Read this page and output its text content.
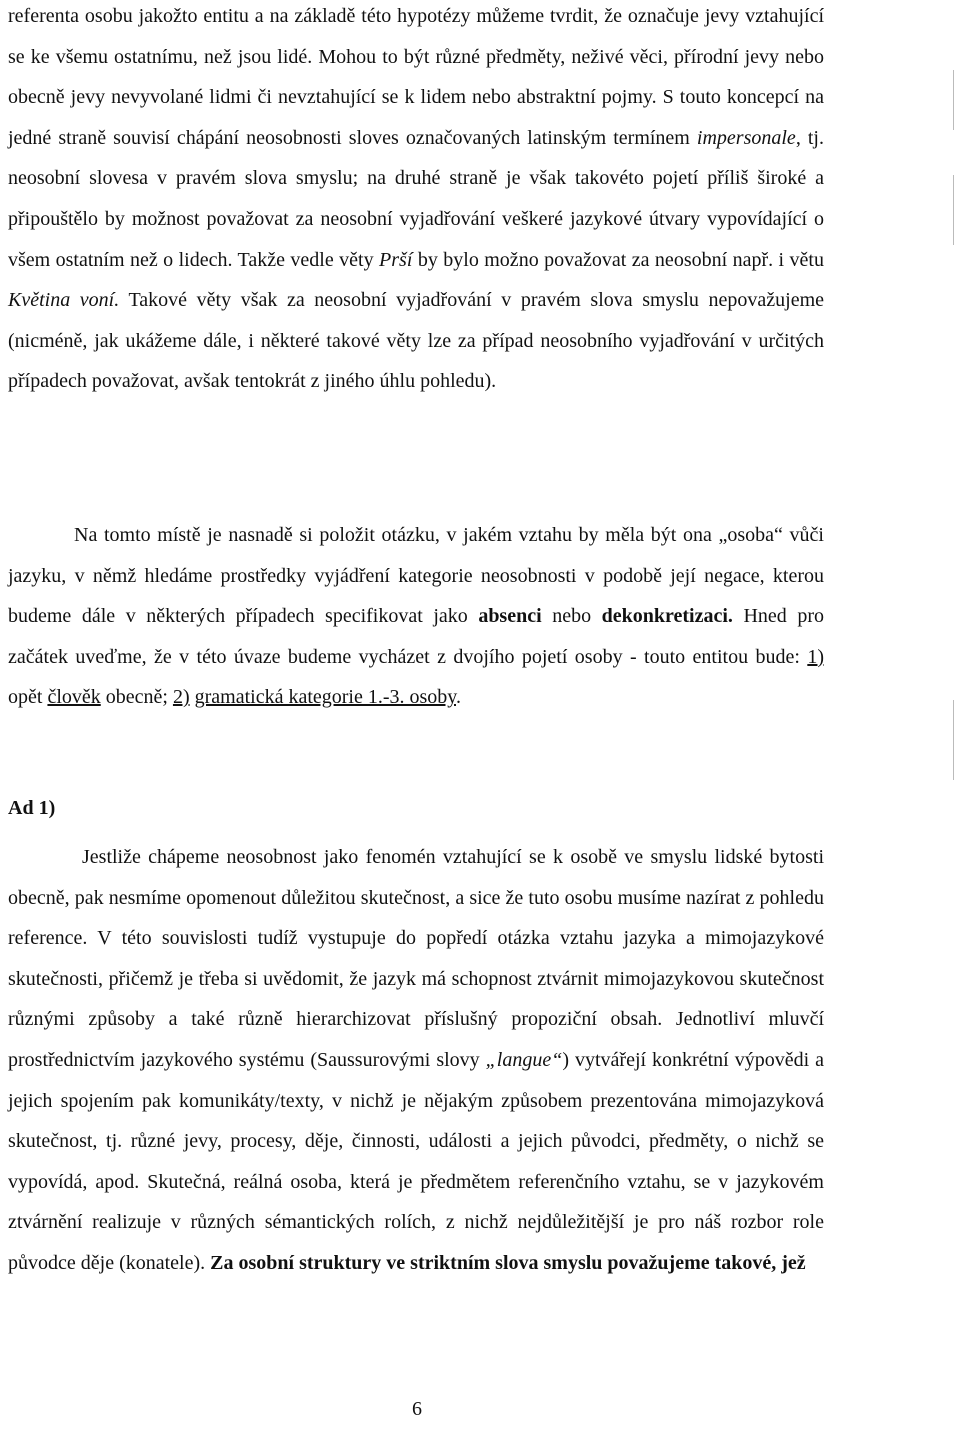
referenta osobu jakožto entitu a na základě této hypotézy můžeme tvrdit, že označuje jevy vztahující se ke všemu ostatnímu, než jsou lidé. Mohou to být různé předměty, neživé věci, přírodní jevy nebo obecně jevy nevyvolané lidmi či nevztahující se k lidem nebo abstraktní pojmy. S touto koncepcí na jedné straně souvisí chápání neosobnosti sloves označovaných latinským termínem impersonale, tj. neosobní slovesa v pravém slova smyslu; na druhé straně je však takovéto pojetí příliš široké a připouštělo by možnost považovat za neosobní vyjadřování veškeré jazykové útvary vypovídající o všem ostatním než o lidech. Takže vedle věty Prší by bylo možno považovat za neosobní např. i větu Květina voní. Takové věty však za neosobní vyjadřování v pravém slova smyslu nepovažujeme (nicméně, jak ukážeme dále, i některé takové věty lze za případ neosobního vyjadřování v určitých případech považovat, avšak tentokrát z jiného úhlu pohledu).

Na tomto místě je nasnadě si položit otázku, v jakém vztahu by měla být ona „osoba“ vůči jazyku, v němž hledáme prostředky vyjádření kategorie neosobnosti v podobě její negace, kterou budeme dále v některých případech specifikovat jako absenci nebo dekonkretizaci. Hned pro začátek uveďme, že v této úvaze budeme vycházet z dvojího pojetí osoby - touto entitou bude: 1) opět člověk obecně; 2) gramatická kategorie 1.-3. osoby.

Ad 1)

Jestliže chápeme neosobnost jako fenomén vztahující se k osobě ve smyslu lidské bytosti obecně, pak nesmíme opomenout důležitou skutečnost, a sice že tuto osobu musíme nazírat z pohledu reference. V této souvislosti tudíž vystupuje do popředí otázka vztahu jazyka a mimojazykové skutečnosti, přičemž je třeba si uvědomit, že jazyk má schopnost ztvárnit mimojazykovou skutečnost různými způsoby a také různě hierarchizovat příslušný propoziční obsah. Jednotliví mluvčí prostřednictvím jazykového systému (Saussurovými slovy „langue“) vytvářejí konkrétní výpovědi a jejich spojením pak komunikáty/texty, v nichž je nějakým způsobem prezentována mimojazyková skutečnost, tj. různé jevy, procesy, děje, činnosti, události a jejich původci, předměty, o nichž se vypovídá, apod. Skutečná, reálná osoba, která je předmětem referenčního vztahu, se v jazykovém ztvárnění realizuje v různých sémantických rolích, z nichž nejdůležitější je pro náš rozbor role původce děje (konatele). Za osobní struktury ve striktním slova smyslu považujeme takové, jež

6
